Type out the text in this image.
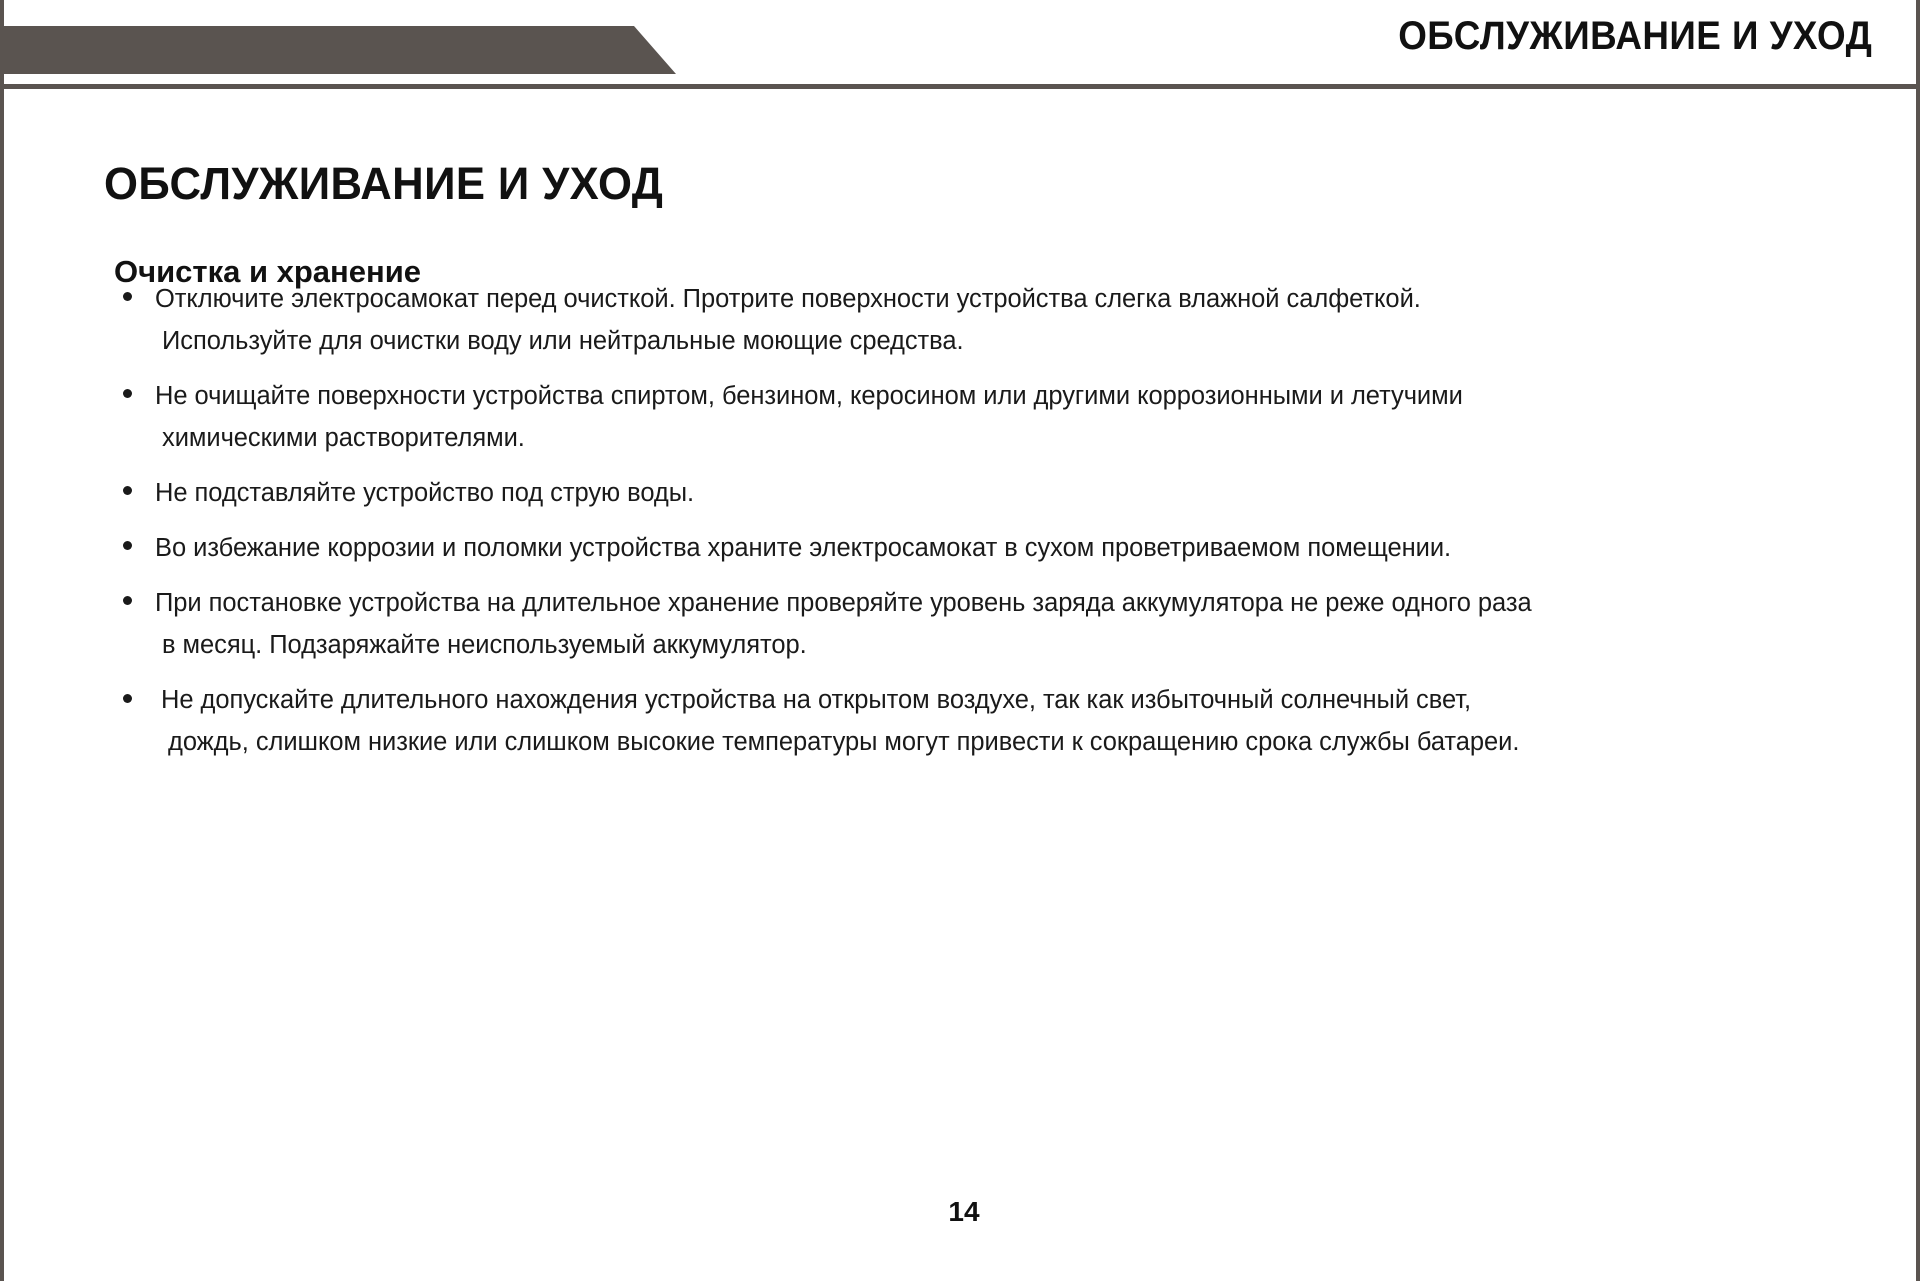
ОБСЛУЖИВАНИЕ И УХОД
ОБСЛУЖИВАНИЕ И УХОД
Очистка и хранение
Отключите электросамокат перед очисткой. Протрите поверхности устройства слегка влажной салфеткой.
Используйте для очистки воду или нейтральные моющие средства.
Не очищайте поверхности устройства спиртом, бензином, керосином или другими коррозионными и летучими
химическими растворителями.
Не подставляйте устройство под струю воды.
Во избежание коррозии и поломки устройства храните электросамокат в сухом проветриваемом помещении.
При постановке устройства на длительное хранение проверяйте уровень заряда аккумулятора не реже одного раза
в месяц. Подзаряжайте неиспользуемый аккумулятор.
Не допускайте длительного нахождения устройства на открытом воздухе, так как избыточный солнечный свет,
дождь, слишком низкие или слишком высокие температуры могут привести к сокращению срока службы батареи.
14
